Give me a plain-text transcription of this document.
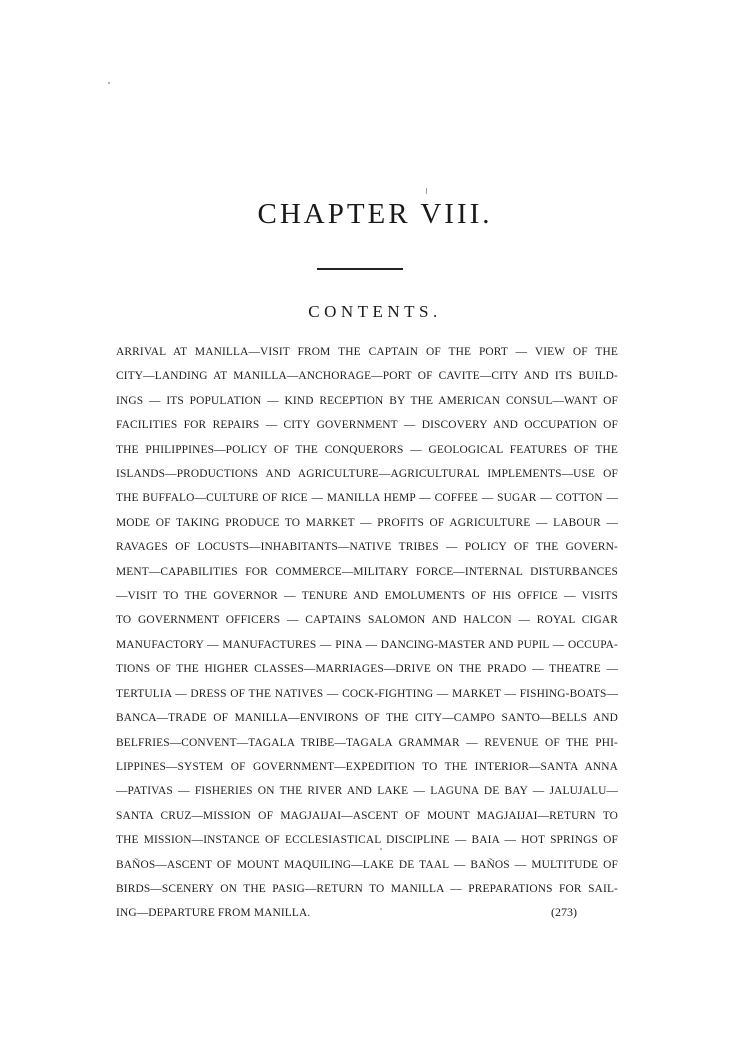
CHAPTER VIII.
CONTENTS.
ARRIVAL AT MANILLA—VISIT FROM THE CAPTAIN OF THE PORT — VIEW OF THE
CITY—LANDING AT MANILLA—ANCHORAGE—PORT OF CAVITE—CITY AND ITS BUILD-
INGS — ITS POPULATION — KIND RECEPTION BY THE AMERICAN CONSUL—WANT OF
FACILITIES FOR REPAIRS — CITY GOVERNMENT — DISCOVERY AND OCCUPATION OF
THE PHILIPPINES—POLICY OF THE CONQUERORS — GEOLOGICAL FEATURES OF THE
ISLANDS—PRODUCTIONS AND AGRICULTURE—AGRICULTURAL IMPLEMENTS—USE OF
THE BUFFALO—CULTURE OF RICE — MANILLA HEMP — COFFEE — SUGAR — COTTON —
MODE OF TAKING PRODUCE TO MARKET — PROFITS OF AGRICULTURE — LABOUR —
RAVAGES OF LOCUSTS—INHABITANTS—NATIVE TRIBES — POLICY OF THE GOVERN-
MENT—CAPABILITIES FOR COMMERCE—MILITARY FORCE—INTERNAL DISTURBANCES
—VISIT TO THE GOVERNOR — TENURE AND EMOLUMENTS OF HIS OFFICE — VISITS
TO GOVERNMENT OFFICERS — CAPTAINS SALOMON AND HALCON — ROYAL CIGAR
MANUFACTORY — MANUFACTURES — PINA — DANCING-MASTER AND PUPIL — OCCUPA-
TIONS OF THE HIGHER CLASSES—MARRIAGES—DRIVE ON THE PRADO — THEATRE —
TERTULIA — DRESS OF THE NATIVES — COCK-FIGHTING — MARKET — FISHING-BOATS—
BANCA—TRADE OF MANILLA—ENVIRONS OF THE CITY—CAMPO SANTO—BELLS AND
BELFRIES—CONVENT—TAGALA TRIBE—TAGALA GRAMMAR — REVENUE OF THE PHI-
LIPPINES—SYSTEM OF GOVERNMENT—EXPEDITION TO THE INTERIOR—SANTA ANNA
—PATIVAS — FISHERIES ON THE RIVER AND LAKE — LAGUNA DE BAY — JALUJALU—
SANTA CRUZ—MISSION OF MAGJAIJAI—ASCENT OF MOUNT MAGJAIJAI—RETURN TO
THE MISSION—INSTANCE OF ECCLESIASTICAL DISCIPLINE — BAIA — HOT SPRINGS OF
BAÑOS—ASCENT OF MOUNT MAQUILING—LAKE DE TAAL — BAÑOS — MULTITUDE OF
BIRDS—SCENERY ON THE PASIG—RETURN TO MANILLA — PREPARATIONS FOR SAIL-
ING—DEPARTURE FROM MANILLA.	(273)
